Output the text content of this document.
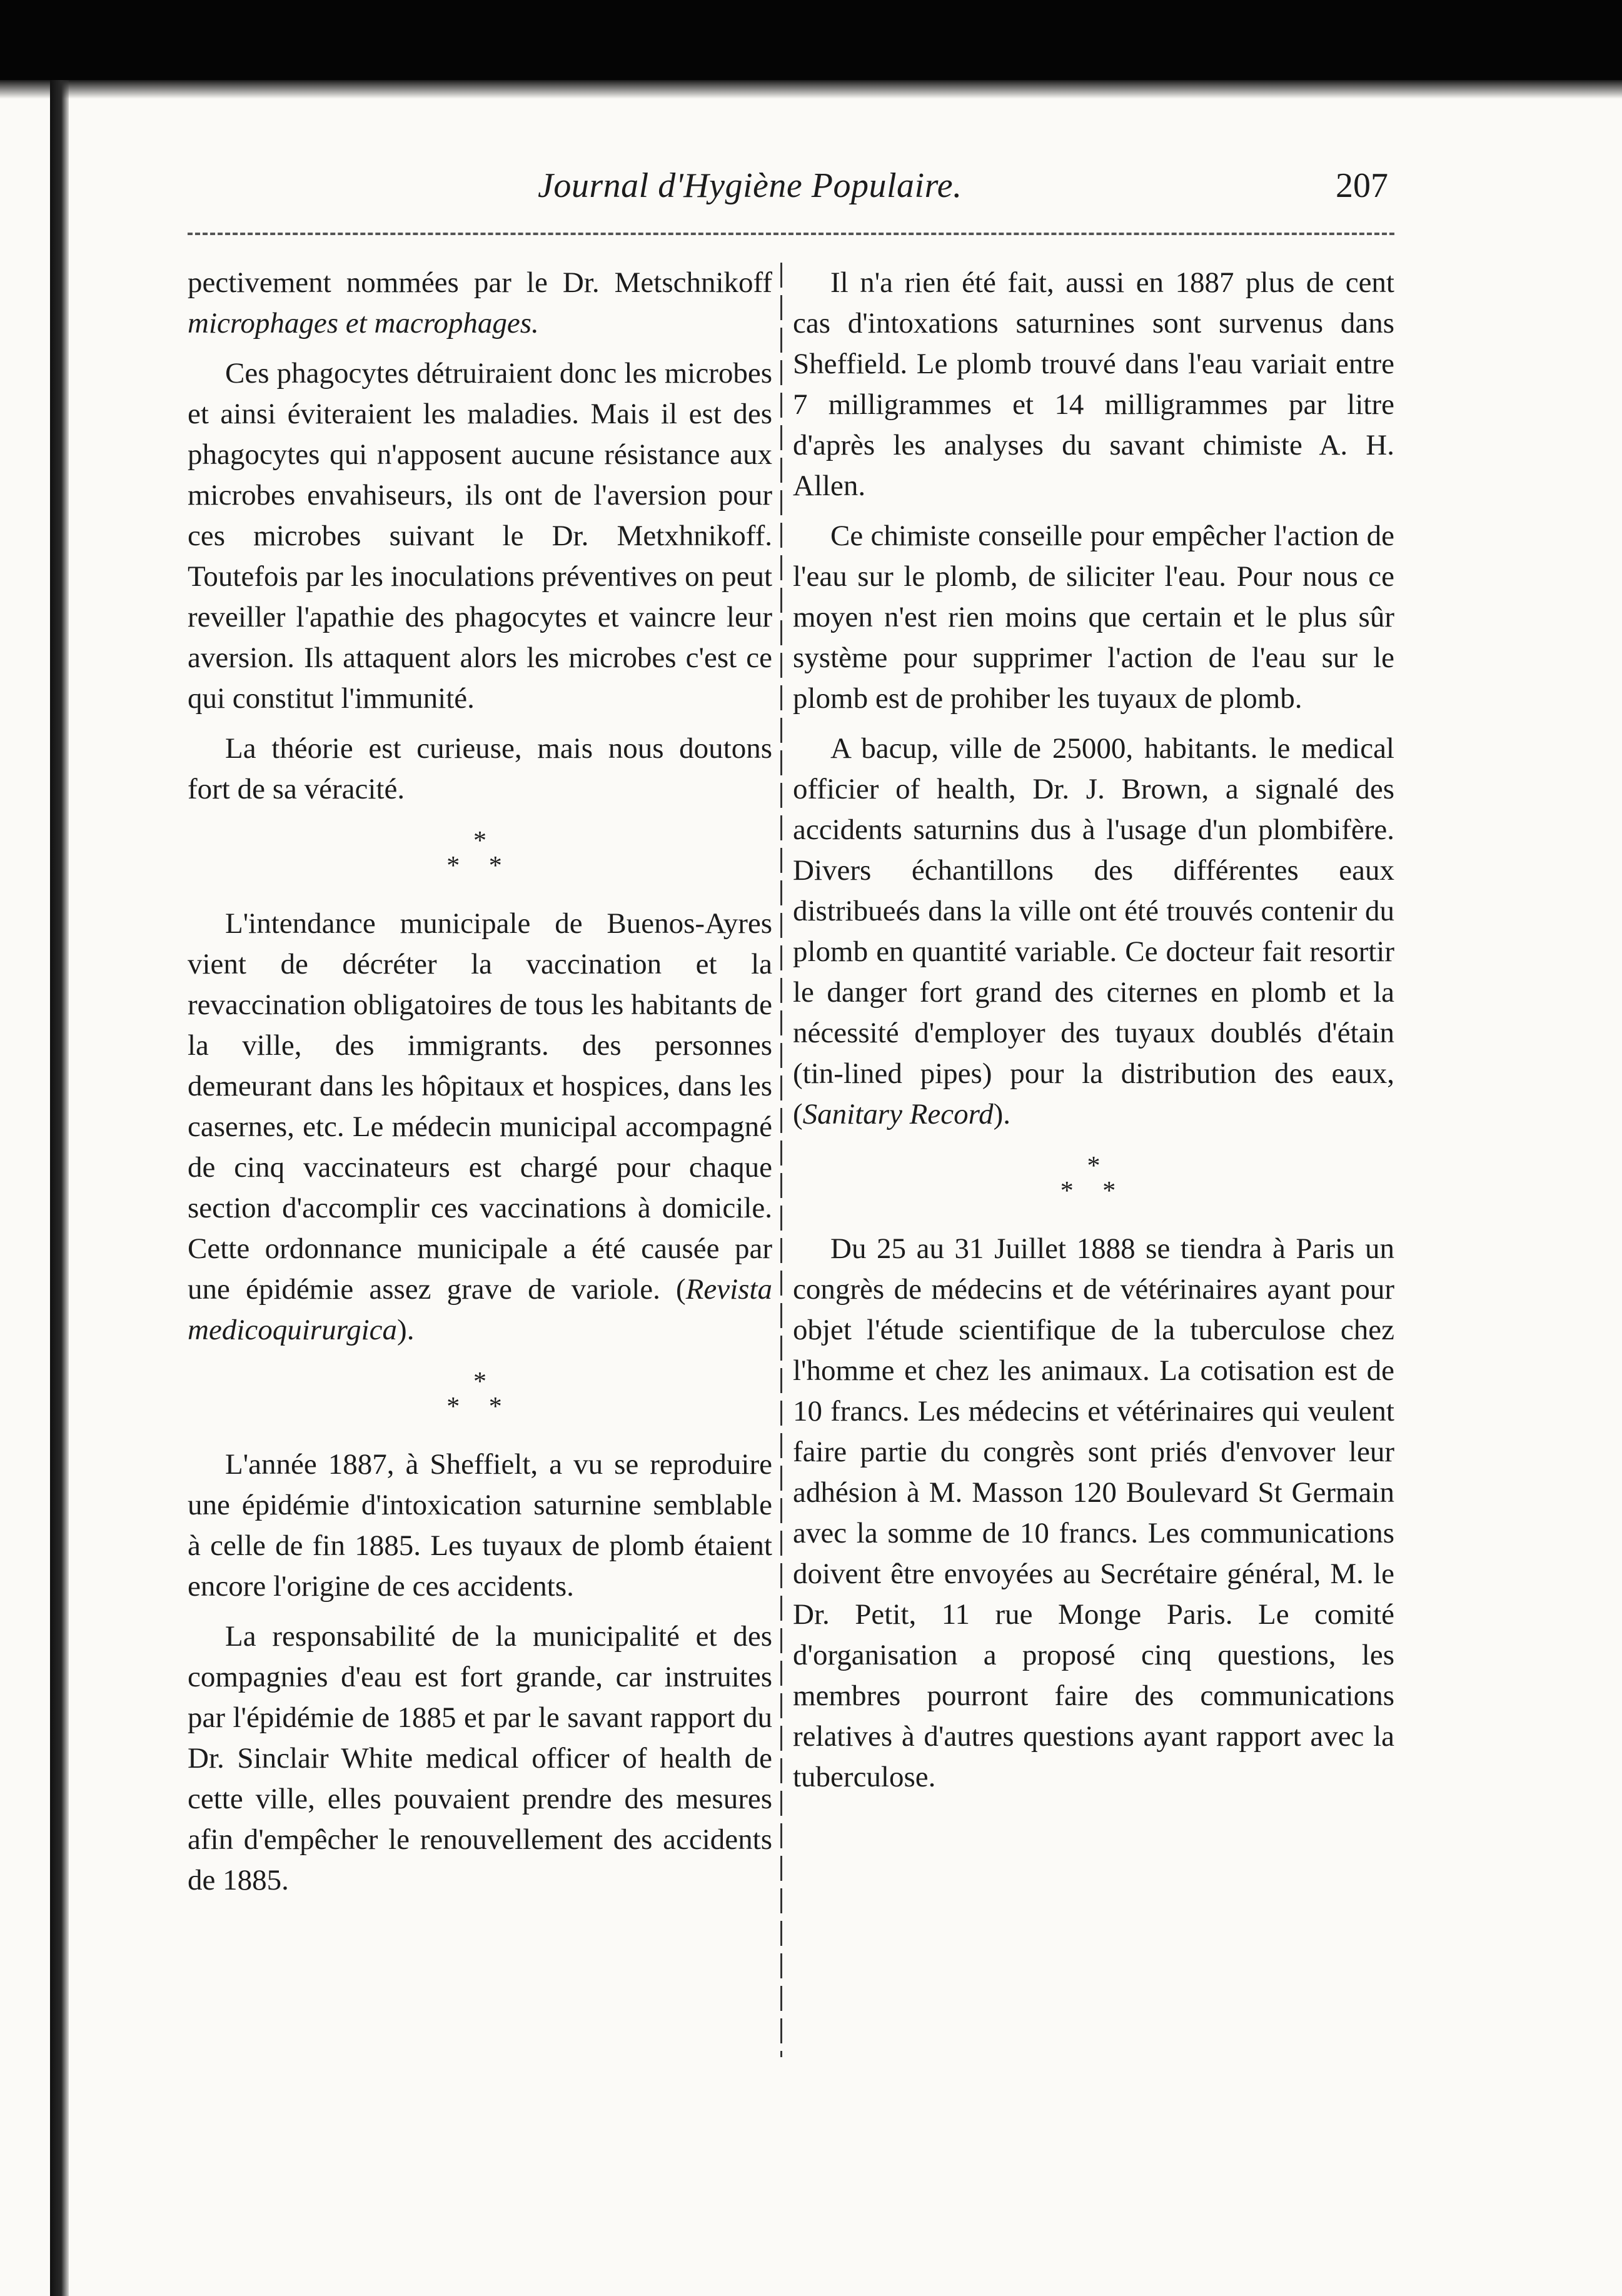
Journal d'Hygiène Populaire.	207

pectivement nommées par le Dr. Metschnikoff microphages et macrophages.

Ces phagocytes détruiraient donc les microbes et ainsi éviteraient les maladies. Mais il est des phagocytes qui n'apposent aucune résistance aux microbes envahiseurs, ils ont de l'aversion pour ces microbes suivant le Dr. Metxhnikoff. Toutefois par les inoculations préventives on peut reveiller l'apathie des phagocytes et vaincre leur aversion. Ils attaquent alors les microbes c'est ce qui constitut l'immunité.

La théorie est curieuse, mais nous doutons fort de sa véracité.

*
* *

L'intendance municipale de Buenos-Ayres vient de décréter la vaccination et la revaccination obligatoires de tous les habitants de la ville, des immigrants. des personnes demeurant dans les hôpitaux et hospices, dans les casernes, etc. Le médecin municipal accompagné de cinq vaccinateurs est chargé pour chaque section d'accomplir ces vaccinations à domicile. Cette ordonnance municipale a été causée par une épidémie assez grave de variole. (Revista medicoquirurgica).

*
* *

L'année 1887, à Sheffielt, a vu se reproduire une épidémie d'intoxication saturnine semblable à celle de fin 1885. Les tuyaux de plomb étaient encore l'origine de ces accidents.

La responsabilité de la municipalité et des compagnies d'eau est fort grande, car instruites par l'épidémie de 1885 et par le savant rapport du Dr. Sinclair White medical officer of health de cette ville, elles pouvaient prendre des mesures afin d'empêcher le renouvellement des accidents de 1885.

Il n'a rien été fait, aussi en 1887 plus de cent cas d'intoxations saturnines sont survenus dans Sheffield. Le plomb trouvé dans l'eau variait entre 7 milligrammes et 14 milligrammes par litre d'après les analyses du savant chimiste A. H. Allen.

Ce chimiste conseille pour empêcher l'action de l'eau sur le plomb, de siliciter l'eau. Pour nous ce moyen n'est rien moins que certain et le plus sûr système pour supprimer l'action de l'eau sur le plomb est de prohiber les tuyaux de plomb.

A bacup, ville de 25000, habitants. le medical officier of health, Dr. J. Brown, a signalé des accidents saturnins dus à l'usage d'un plombifère. Divers échantillons des différentes eaux distribueés dans la ville ont été trouvés contenir du plomb en quantité variable. Ce docteur fait resortir le danger fort grand des citernes en plomb et la nécessité d'employer des tuyaux doublés d'étain (tin-lined pipes) pour la distribution des eaux, (Sanitary Record).

*
* *

Du 25 au 31 Juillet 1888 se tiendra à Paris un congrès de médecins et de vétérinaires ayant pour objet l'étude scientifique de la tuberculose chez l'homme et chez les animaux. La cotisation est de 10 francs. Les médecins et vétérinaires qui veulent faire partie du congrès sont priés d'envover leur adhésion à M. Masson 120 Boulevard St Germain avec la somme de 10 francs. Les communications doivent être envoyées au Secrétaire général, M. le Dr. Petit, 11 rue Monge Paris. Le comité d'organisation a proposé cinq questions, les membres pourront faire des communications relatives à d'autres questions ayant rapport avec la tuberculose.
